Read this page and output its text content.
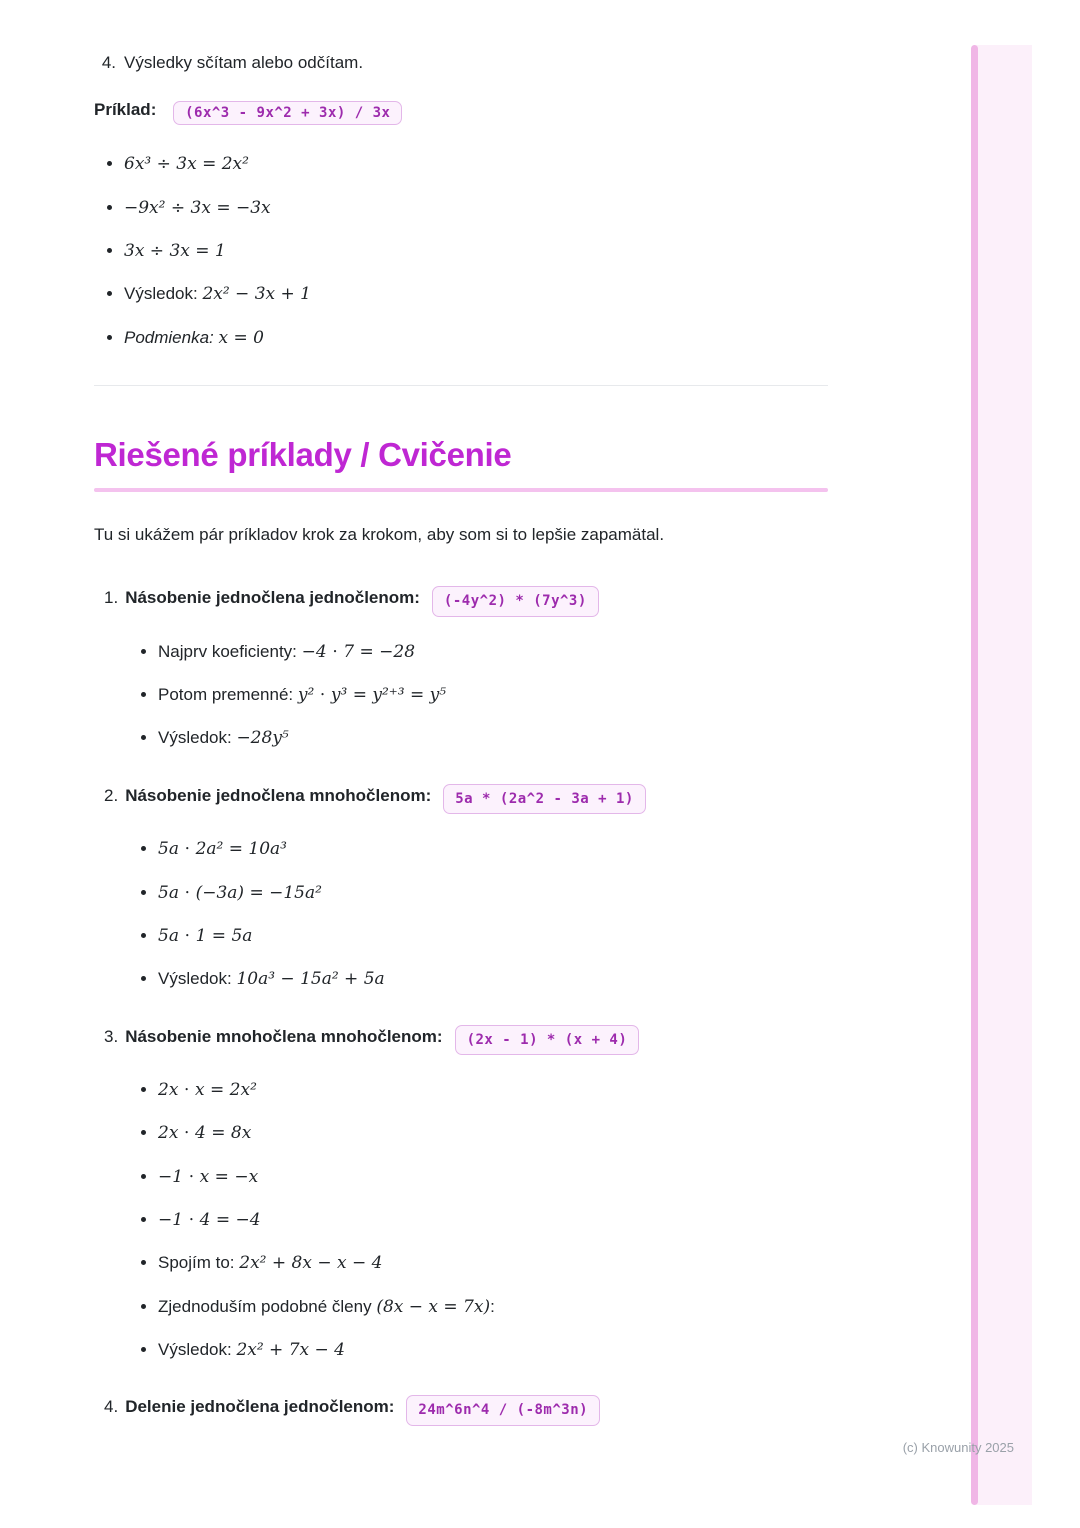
4. Výsledky sčítam alebo odčítam.
Príklad: (6x^3 - 9x^2 + 3x) / 3x
• 6x³ ÷ 3x = 2x²
• −9x² ÷ 3x = −3x
• 3x ÷ 3x = 1
• Výsledok: 2x² − 3x + 1
• Podmienka: x = 0
Riešené príklady / Cvičenie

Tu si ukážem pár príkladov krok za krokom, aby som si to lepšie zapamätal.

1. Násobenie jednočlena jednočlenom: (-4y^2) * (7y^3)
• Najprv koeficienty: −4 ⋅ 7 = −28
• Potom premenné: y² ⋅ y³ = y²⁺³ = y⁵
• Výsledok: −28y⁵
2. Násobenie jednočlena mnohočlenom: 5a * (2a^2 - 3a + 1)
• 5a ⋅ 2a² = 10a³
• 5a ⋅ (−3a) = −15a²
• 5a ⋅ 1 = 5a
• Výsledok: 10a³ − 15a² + 5a
3. Násobenie mnohočlena mnohočlenom: (2x - 1) * (x + 4)
• 2x ⋅ x = 2x²
• 2x ⋅ 4 = 8x
• −1 ⋅ x = −x
• −1 ⋅ 4 = −4
• Spojím to: 2x² + 8x − x − 4
• Zjednoduším podobné členy (8x − x = 7x):
• Výsledok: 2x² + 7x − 4
4. Delenie jednočlena jednočlenom: 24m^6n^4 / (-8m^3n)
(c) Knowunity 2025
